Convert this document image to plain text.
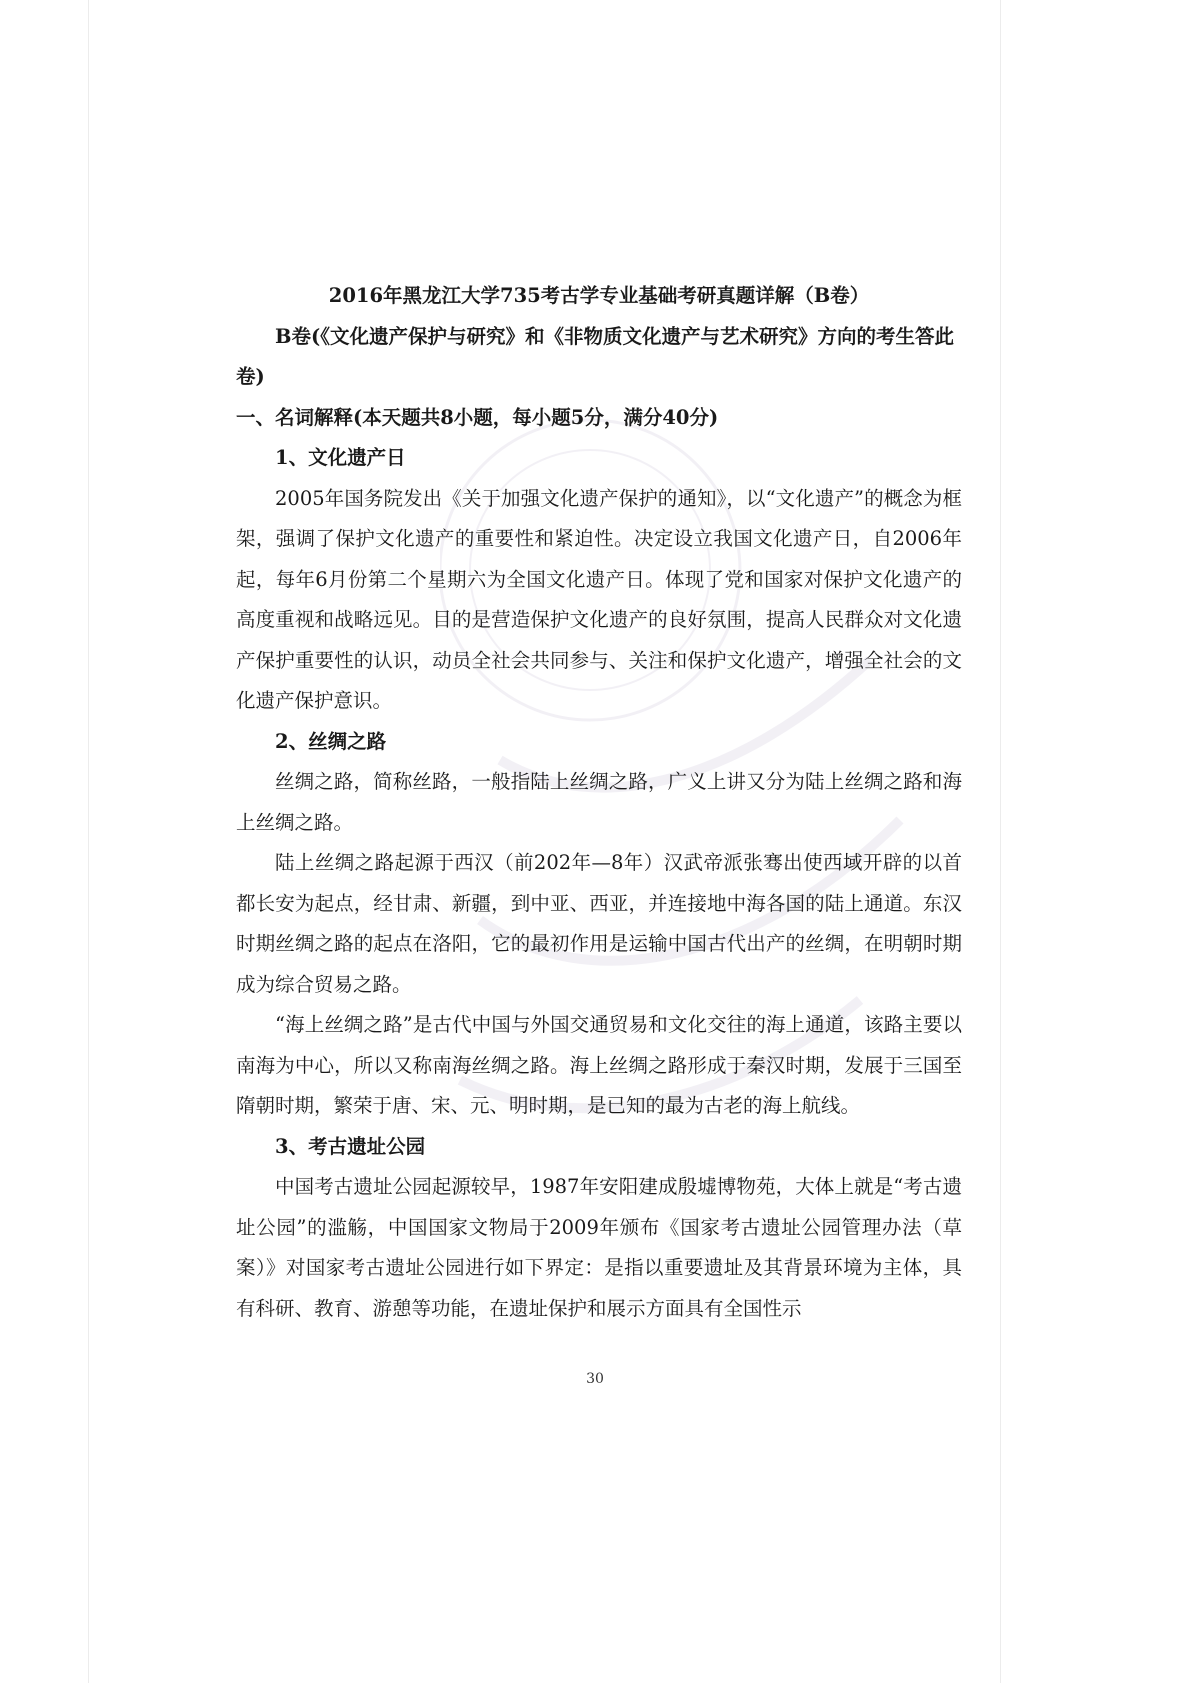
2016年黑龙江大学735考古学专业基础考研真题详解（B卷）

B卷(《文化遗产保护与研究》和《非物质文化遗产与艺术研究》方向的考生答此卷)

一、名词解释(本天题共8小题，每小题5分，满分40分)

1、文化遗产日

2005年国务院发出《关于加强文化遗产保护的通知》，以“文化遗产”的概念为框架，强调了保护文化遗产的重要性和紧迫性。决定设立我国文化遗产日，自2006年起，每年6月份第二个星期六为全国文化遗产日。体现了党和国家对保护文化遗产的高度重视和战略远见。目的是营造保护文化遗产的良好氛围，提高人民群众对文化遗产保护重要性的认识，动员全社会共同参与、关注和保护文化遗产，增强全社会的文化遗产保护意识。

2、丝绸之路

丝绸之路，简称丝路，一般指陆上丝绸之路，广义上讲又分为陆上丝绸之路和海上丝绸之路。

陆上丝绸之路起源于西汉（前202年—8年）汉武帝派张骞出使西域开辟的以首都长安为起点，经甘肃、新疆，到中亚、西亚，并连接地中海各国的陆上通道。东汉时期丝绸之路的起点在洛阳，它的最初作用是运输中国古代出产的丝绸，在明朝时期成为综合贸易之路。

“海上丝绸之路”是古代中国与外国交通贸易和文化交往的海上通道，该路主要以南海为中心，所以又称南海丝绸之路。海上丝绸之路形成于秦汉时期，发展于三国至隋朝时期，繁荣于唐、宋、元、明时期，是已知的最为古老的海上航线。

3、考古遗址公园

中国考古遗址公园起源较早，1987年安阳建成殷墟博物苑，大体上就是“考古遗址公园”的滥觞，中国国家文物局于2009年颁布《国家考古遗址公园管理办法（草案）》对国家考古遗址公园进行如下界定：是指以重要遗址及其背景环境为主体，具有科研、教育、游憩等功能，在遗址保护和展示方面具有全国性示

30
